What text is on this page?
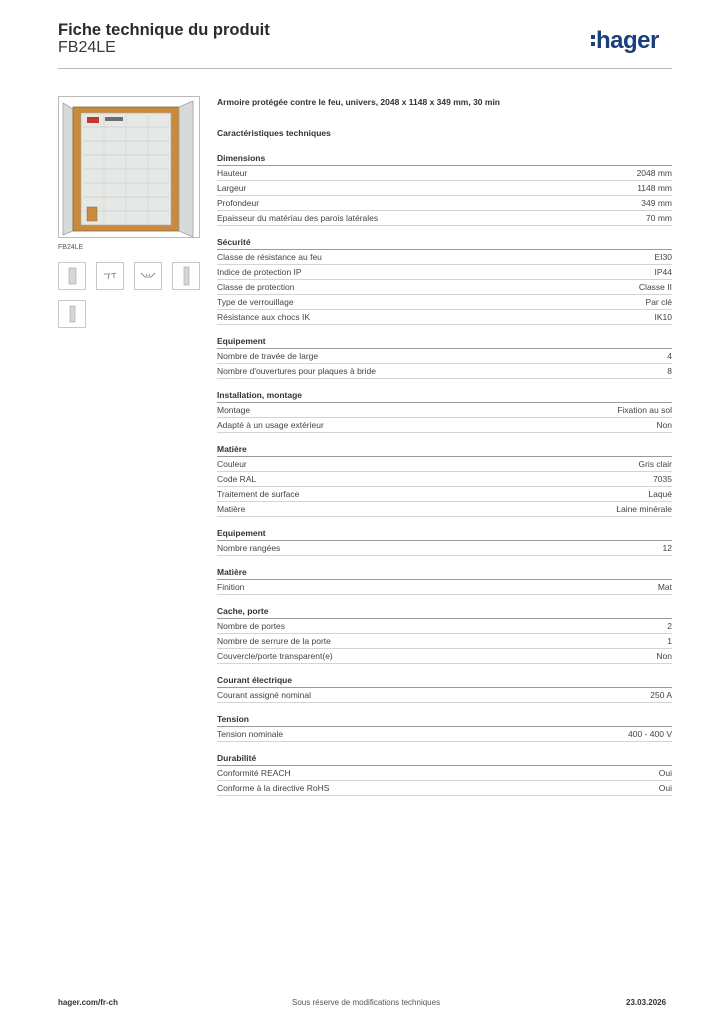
Fiche technique du produit
FB24LE	hager
FB24LE
Armoire protégée contre le feu, univers, 2048 x 1148 x 349 mm, 30 min
Caractéristiques techniques
Dimensions
Hauteur	2048 mm
Largeur	1148 mm
Profondeur	349 mm
Epaisseur du matériau des parois latérales	70 mm
Sécurité
Classe de résistance au feu	EI30
Indice de protection IP	IP44
Classe de protection	Classe II
Type de verrouillage	Par clé
Résistance aux chocs IK	IK10
Equipement
Nombre de travée de large	4
Nombre d'ouvertures pour plaques à bride	8
Installation, montage
Montage	Fixation au sol
Adapté à un usage extérieur	Non
Matière
Couleur	Gris clair
Code RAL	7035
Traitement de surface	Laqué
Matière	Laine minérale
Equipement
Nombre rangées	12
Matière
Finition	Mat
Cache, porte
Nombre de portes	2
Nombre de serrure de la porte	1
Couvercle/porte transparent(e)	Non
Courant électrique
Courant assigné nominal	250 A
Tension
Tension nominale	400 - 400 V
Durabilité
Conformité REACH	Oui
Conforme à la directive RoHS	Oui
hager.com/fr-ch	Sous réserve de modifications techniques	23.03.2026
